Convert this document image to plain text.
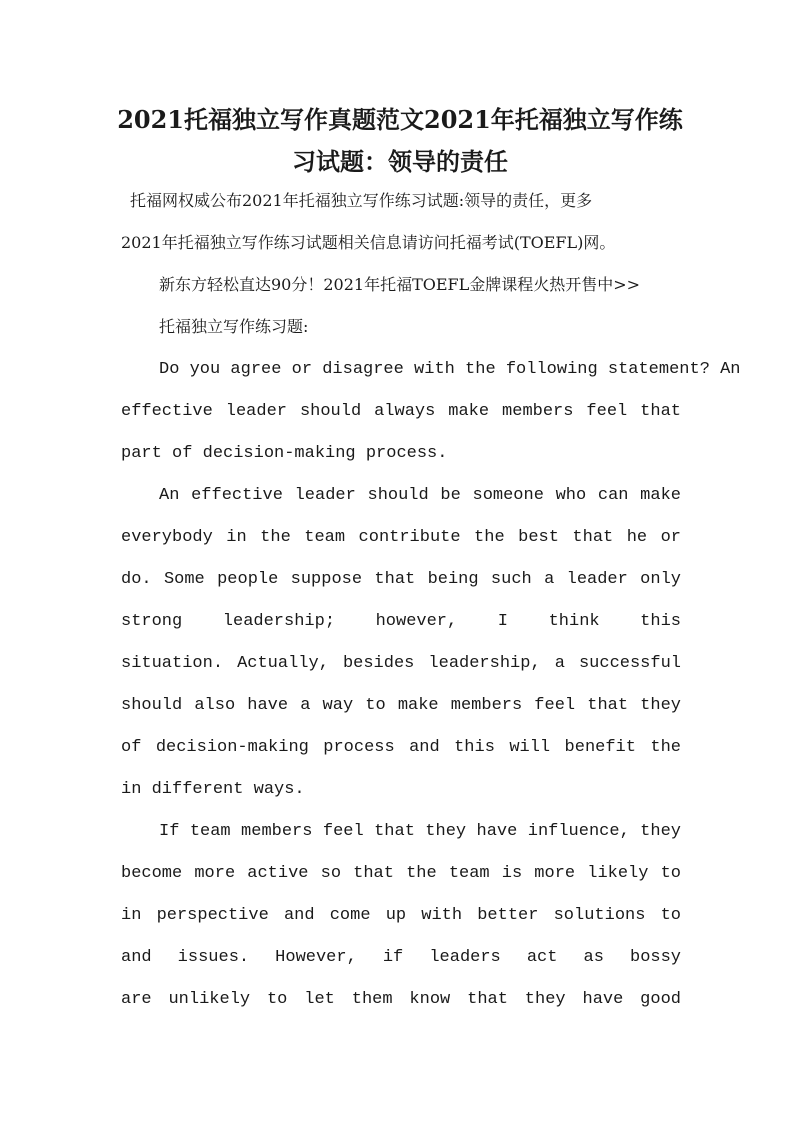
2021托福独立写作真题范文2021年托福独立写作练
习试题：领导的责任

托福网权威公布2021年托福独立写作练习试题:领导的责任，更多

2021年托福独立写作练习试题相关信息请访问托福考试(TOEFL)网。

新东方轻松直达90分！2021年托福TOEFL金牌课程火热开售中>>

托福独立写作练习题:

Do you agree or disagree with the following statement? An

effective leader should always make members feel that

part of decision-making process.

An effective leader should be someone who can make

everybody in the team contribute the best that he or

do. Some people suppose that being such a leader only

strong leadership; however, I think this

situation. Actually, besides leadership, a successful

should also have a way to make members feel that they

of decision-making process and this will benefit the

in different ways.

If team members feel that they have influence, they

become more active so that the team is more likely to

in perspective and come up with better solutions to

and issues. However, if leaders act as bossy

are unlikely to let them know that they have good
